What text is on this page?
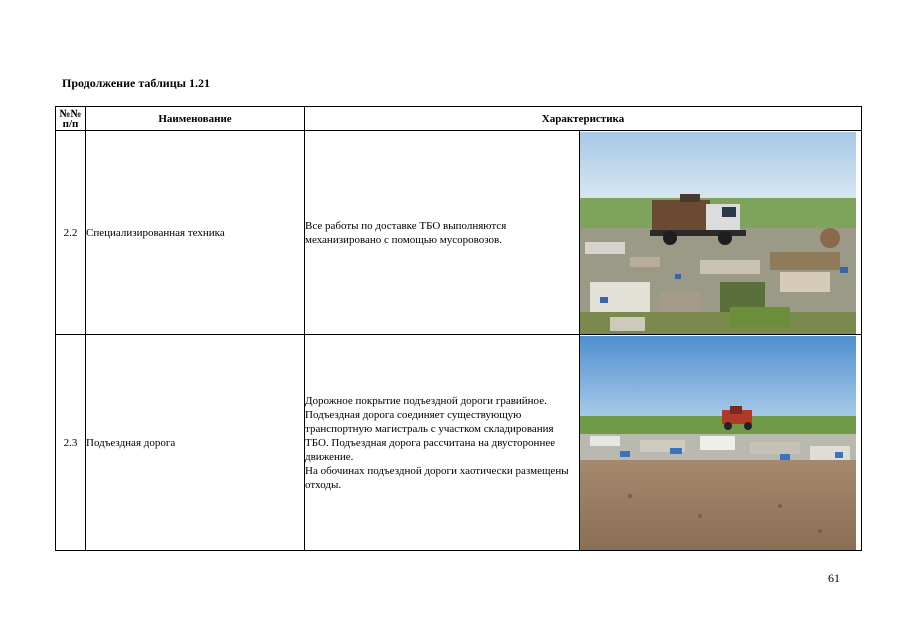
Продолжение таблицы 1.21
№№ п/п	Наименование	Характеристика	
2.2	Специализированная техника	Все работы по доставке ТБО выполняются механизировано с помощью мусоровозов.	

2.3	Подъездная дорога	Дорожное покрытие подъездной дороги гравийное.
Подъездная дорога соединяет существующую транспортную магистраль с участком складирования ТБО. Подъездная дорога рассчитана на двустороннее движение.
На обочинах подъездной дороги хаотически размещены отходы.

61
